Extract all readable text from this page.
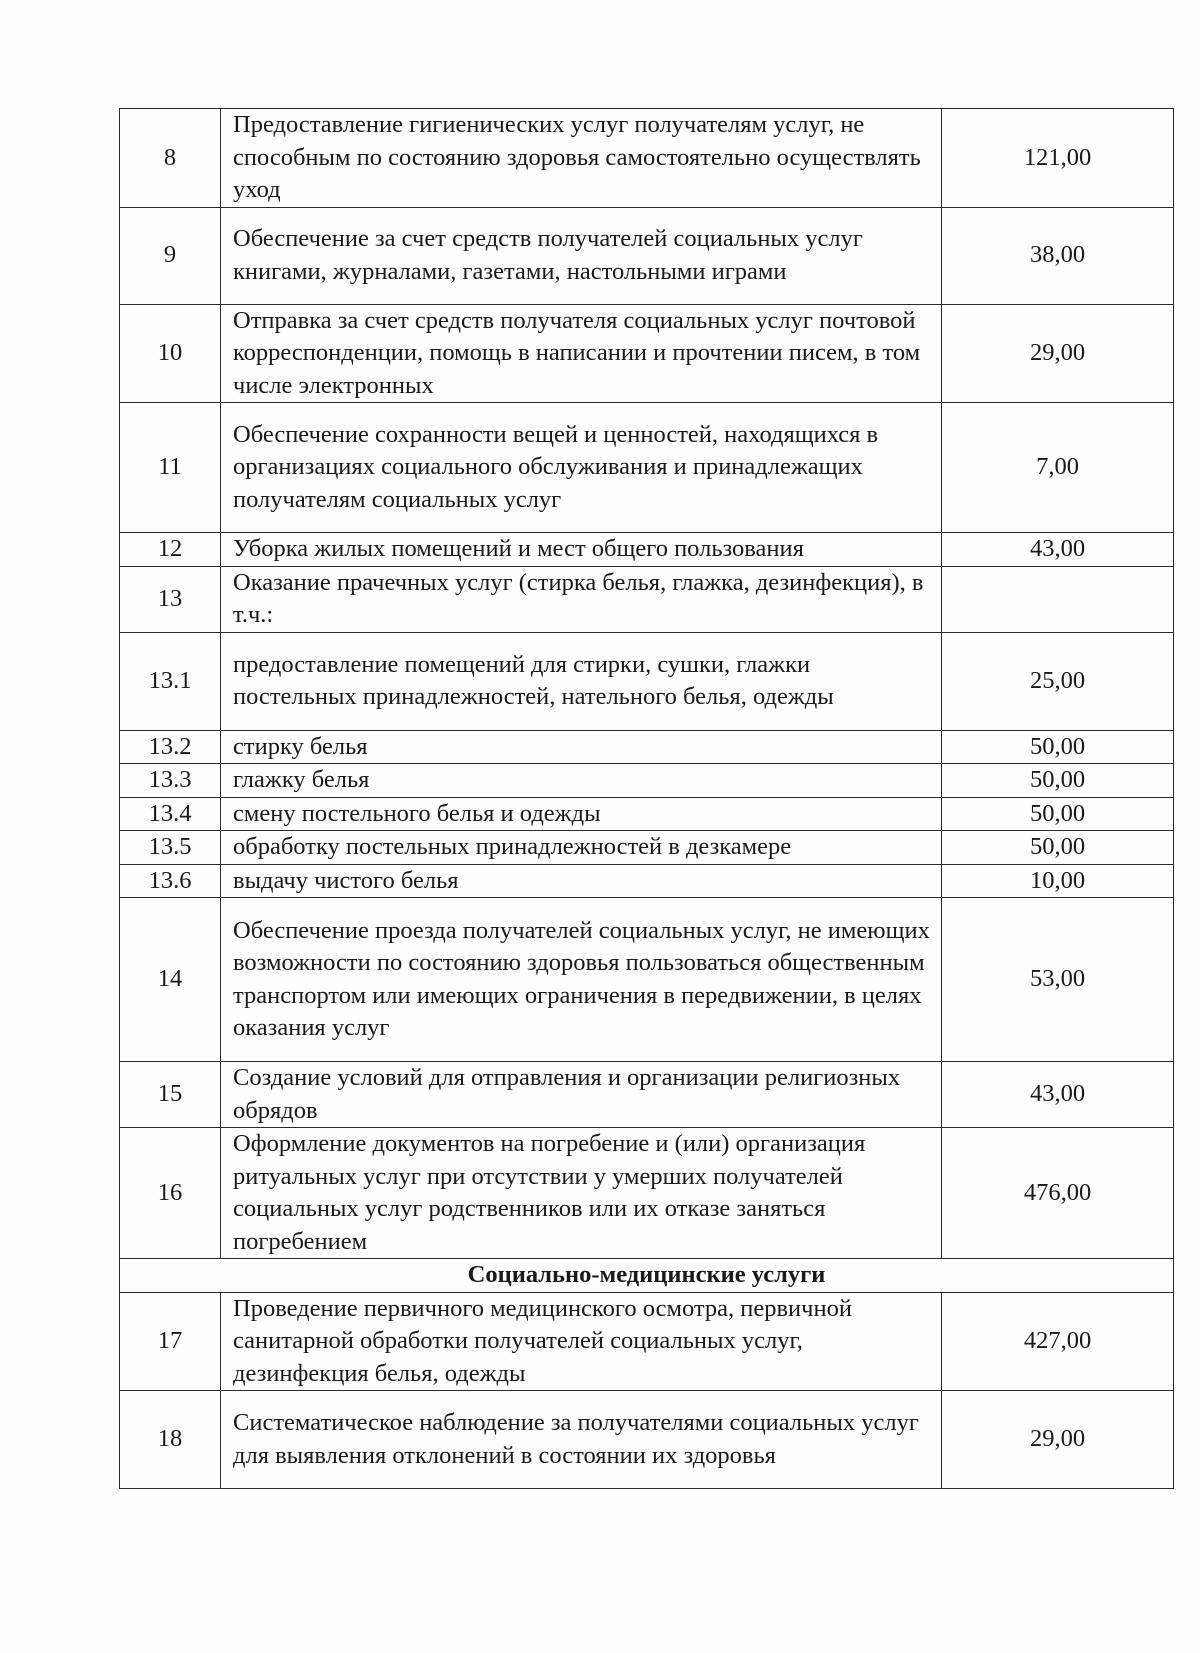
8	Предоставление гигиенических услуг получателям услуг, не способным по состоянию здоровья самостоятельно осуществлять уход	121,00
9	Обеспечение за счет средств получателей социальных услуг книгами, журналами, газетами, настольными играми	38,00
10	Отправка за счет средств получателя социальных услуг почтовой корреспонденции, помощь в написании и прочтении писем, в том числе электронных	29,00
11	Обеспечение сохранности вещей и ценностей, находящихся в организациях социального обслуживания и принадлежащих получателям социальных услуг	7,00
12	Уборка жилых помещений и мест общего пользования	43,00
13	Оказание прачечных услуг (стирка белья, глажка, дезинфекция), в т.ч.:	
13.1	предоставление помещений для стирки, сушки, глажки постельных принадлежностей, нательного белья, одежды	25,00
13.2	стирку белья	50,00
13.3	глажку белья	50,00
13.4	смену постельного белья и одежды	50,00
13.5	обработку постельных принадлежностей в дезкамере	50,00
13.6	выдачу чистого белья	10,00
14	Обеспечение проезда получателей социальных услуг, не имеющих возможности по состоянию здоровья пользоваться общественным транспортом или имеющих ограничения в передвижении, в целях оказания услуг	53,00
15	Создание условий для отправления и организации религиозных обрядов	43,00
16	Оформление документов на погребение и (или) организация ритуальных услуг при отсутствии у умерших получателей социальных услуг родственников или их отказе заняться погребением	476,00
Социально-медицинские услуги		
17	Проведение первичного медицинского осмотра, первичной санитарной обработки получателей социальных услуг, дезинфекция белья, одежды	427,00
18	Систематическое наблюдение за получателями социальных услуг для выявления отклонений в состоянии их здоровья	29,00
